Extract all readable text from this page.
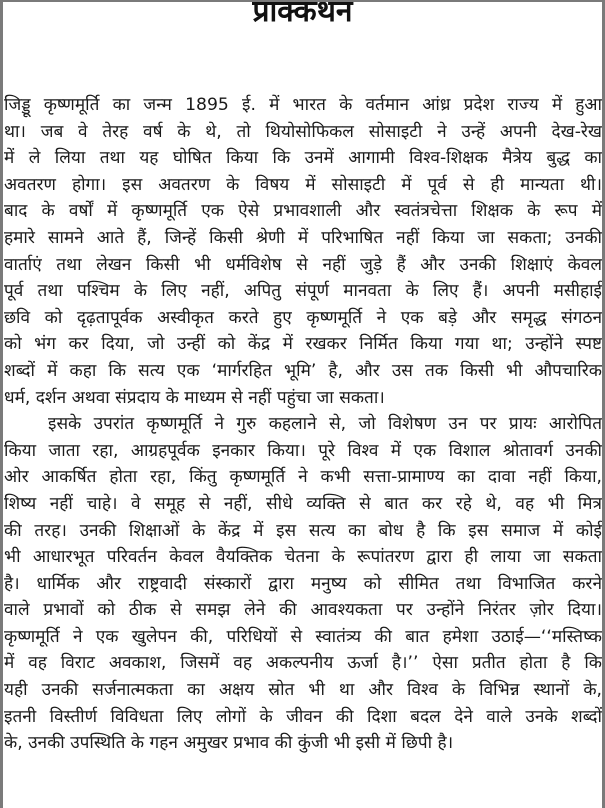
प्राक्कथन
जिड्डू कृष्णमूर्ति का जन्म 1895 ई. में भारत के वर्तमान आंध्र प्रदेश राज्य में हुआ
था। जब वे तेरह वर्ष के थे, तो थियोसोफिकल सोसाइटी ने उन्हें अपनी देख-रेख
में ले लिया तथा यह घोषित किया कि उनमें आगामी विश्व-शिक्षक मैत्रेय बुद्ध का
अवतरण होगा। इस अवतरण के विषय में सोसाइटी में पूर्व से ही मान्यता थी।
बाद के वर्षों में कृष्णमूर्ति एक ऐसे प्रभावशाली और स्वतंत्रचेत्ता शिक्षक के रूप में
हमारे सामने आते हैं, जिन्हें किसी श्रेणी में परिभाषित नहीं किया जा सकता; उनकी
वार्ताएं तथा लेखन किसी भी धर्मविशेष से नहीं जुड़े हैं और उनकी शिक्षाएं केवल
पूर्व तथा पश्चिम के लिए नहीं, अपितु संपूर्ण मानवता के लिए हैं। अपनी मसीहाई
छवि को दृढ़तापूर्वक अस्वीकृत करते हुए कृष्णमूर्ति ने एक बड़े और समृद्ध संगठन
को भंग कर दिया, जो उन्हीं को केंद्र में रखकर निर्मित किया गया था; उन्होंने स्पष्ट
शब्दों में कहा कि सत्य एक ‘मार्गरहित भूमि’ है, और उस तक किसी भी औपचारिक
धर्म, दर्शन अथवा संप्रदाय के माध्यम से नहीं पहुंचा जा सकता।
इसके उपरांत कृष्णमूर्ति ने गुरु कहलाने से, जो विशेषण उन पर प्रायः आरोपित
किया जाता रहा, आग्रहपूर्वक इनकार किया। पूरे विश्व में एक विशाल श्रोतावर्ग उनकी
ओर आकर्षित होता रहा, किंतु कृष्णमूर्ति ने कभी सत्ता-प्रामाण्य का दावा नहीं किया,
शिष्य नहीं चाहे। वे समूह से नहीं, सीधे व्यक्ति से बात कर रहे थे, वह भी मित्र
की तरह। उनकी शिक्षाओं के केंद्र में इस सत्य का बोध है कि इस समाज में कोई
भी आधारभूत परिवर्तन केवल वैयक्तिक चेतना के रूपांतरण द्वारा ही लाया जा सकता
है। धार्मिक और राष्ट्रवादी संस्कारों द्वारा मनुष्य को सीमित तथा विभाजित करने
वाले प्रभावों को ठीक से समझ लेने की आवश्यकता पर उन्होंने निरंतर ज़ोर दिया।
कृष्णमूर्ति ने एक खुलेपन की, परिधियों से स्वातंत्र्य की बात हमेशा उठाई—‘‘मस्तिष्क
में वह विराट अवकाश, जिसमें वह अकल्पनीय ऊर्जा है।’’ ऐसा प्रतीत होता है कि
यही उनकी सर्जनात्मकता का अक्षय स्रोत भी था और विश्व के विभिन्न स्थानों के,
इतनी विस्तीर्ण विविधता लिए लोगों के जीवन की दिशा बदल देने वाले उनके शब्दों
के, उनकी उपस्थिति के गहन अमुखर प्रभाव की कुंजी भी इसी में छिपी है।
